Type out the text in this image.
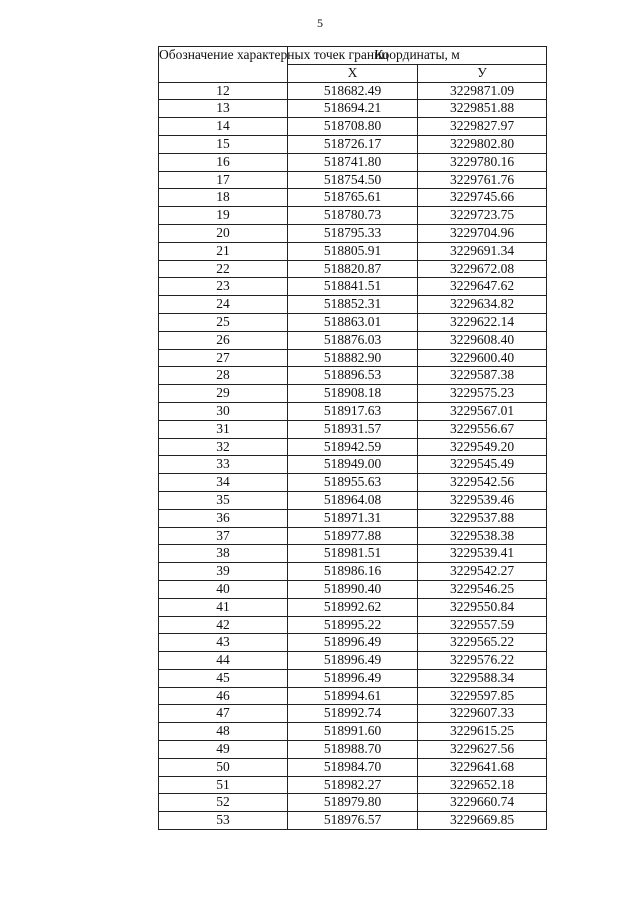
5
Обозначение характерных точек границ	Координаты, м	
	X	У
12	518682.49	3229871.09
13	518694.21	3229851.88
14	518708.80	3229827.97
15	518726.17	3229802.80
16	518741.80	3229780.16
17	518754.50	3229761.76
18	518765.61	3229745.66
19	518780.73	3229723.75
20	518795.33	3229704.96
21	518805.91	3229691.34
22	518820.87	3229672.08
23	518841.51	3229647.62
24	518852.31	3229634.82
25	518863.01	3229622.14
26	518876.03	3229608.40
27	518882.90	3229600.40
28	518896.53	3229587.38
29	518908.18	3229575.23
30	518917.63	3229567.01
31	518931.57	3229556.67
32	518942.59	3229549.20
33	518949.00	3229545.49
34	518955.63	3229542.56
35	518964.08	3229539.46
36	518971.31	3229537.88
37	518977.88	3229538.38
38	518981.51	3229539.41
39	518986.16	3229542.27
40	518990.40	3229546.25
41	518992.62	3229550.84
42	518995.22	3229557.59
43	518996.49	3229565.22
44	518996.49	3229576.22
45	518996.49	3229588.34
46	518994.61	3229597.85
47	518992.74	3229607.33
48	518991.60	3229615.25
49	518988.70	3229627.56
50	518984.70	3229641.68
51	518982.27	3229652.18
52	518979.80	3229660.74
53	518976.57	3229669.85
